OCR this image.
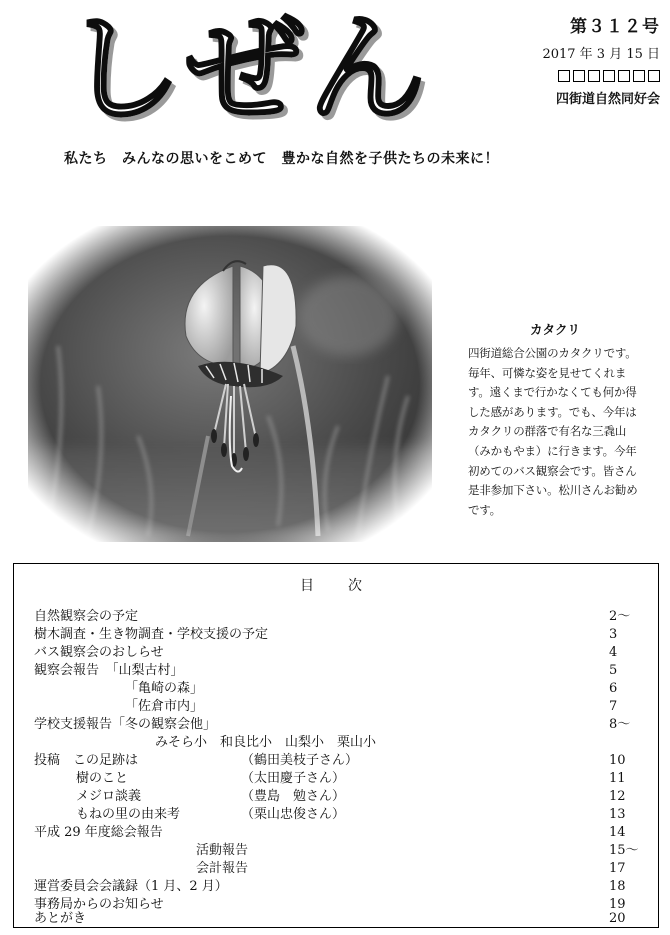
しぜん	第３１２号
2017 年 3 月 15 日
四街道自然同好会
私たち　みんなの思いをこめて　豊かな自然を子供たちの未来に！
カタクリ
四街道総合公園のカタクリです。
毎年、可憐な姿を見せてくれま
す。遠くまで行かなくても何か得
した感があります。でも、今年は
カタクリの群落で有名な三毳山
（みかもやま）に行きます。今年
初めてのバス観察会です。皆さん
是非参加下さい。松川さんお勧め
です。
目　次
自然観察会の予定	2〜
樹木調査・生き物調査・学校支援の予定	3
バス観察会のおしらせ	4
観察会報告　「山梨古村」	5
「亀崎の森」	6
「佐倉市内」	7
学校支援報告「冬の観察会他」	8〜
みそら小　和良比小　山梨小　栗山小
投稿　この足跡は	（鶴田美枝子さん）	10
樹のこと	（太田慶子さん）	11
メジロ談義	（豊島　勉さん）	12
もねの里の由来考	（栗山忠俊さん）	13
平成 29 年度総会報告	14
活動報告	15〜
会計報告	17
運営委員会会議録（1 月、2 月）	18
事務局からのお知らせ	19
あとがき	20
